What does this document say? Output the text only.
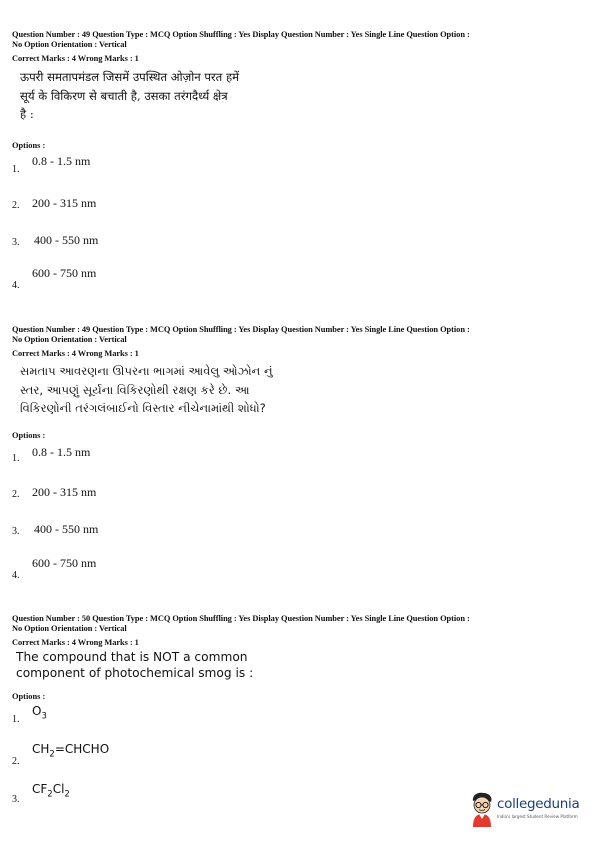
Question Number : 49 Question Type : MCQ Option Shuffling : Yes Display Question Number : Yes Single Line Question Option :
No Option Orientation : Vertical
Correct Marks : 4 Wrong Marks : 1
ऊपरी समतापमंडल जिसमें उपस्थित ओज़ोन परत हमें
सूर्य के विकिरण से बचाती है, उसका तरंगदैर्ध्य क्षेत्र
है :
Options :
1.
0.8 - 1.5 nm
2. 200 - 315 nm
3. 400 - 550 nm
4.
600 - 750 nm
Question Number : 49 Question Type : MCQ Option Shuffling : Yes Display Question Number : Yes Single Line Question Option :
No Option Orientation : Vertical
Correct Marks : 4 Wrong Marks : 1
સમતાપ આવરણના ઊપરના ભાગમાં આવેલુ ઓઝોન નું
સ્તર, આપણું સૂર્યના વિકિરણોથી રક્ષણ કરે છે. આ
વિકિરણોની તરંગલંબાઈનો વિસ્તાર નીચેનામાંથી શોધો?
Options :
1. 0.8 - 1.5 nm
2. 200 - 315 nm
3. 400 - 550 nm
4.
600 - 750 nm
Question Number : 50 Question Type : MCQ Option Shuffling : Yes Display Question Number : Yes Single Line Question Option :
No Option Orientation : Vertical
Correct Marks : 4 Wrong Marks : 1
The compound that is NOT a common
component of photochemical smog is :
Options :
1.
$O_3$
2.
$CH_2=CHCHO$
3.
$CF_2Cl_2$
collegedunia
India's largest Student Review Platform
